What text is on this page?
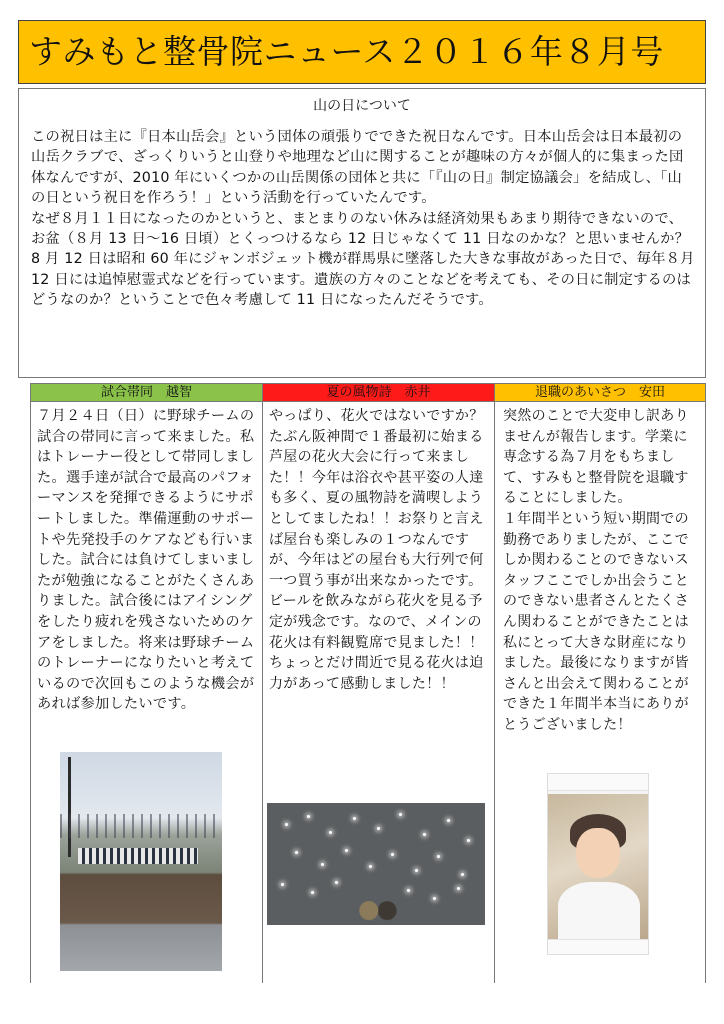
すみもと整骨院ニュース２０１６年８月号
山の日について

この祝日は主に『日本山岳会』という団体の頑張りでできた祝日なんです。日本山岳会は日本最初の山岳クラブで、ざっくりいうと山登りや地理など山に関することが趣味の方々が個人的に集まった団体なんですが、2010 年にいくつかの山岳関係の団体と共に「『山の日』制定協議会」を結成し、「山の日という祝日を作ろう！」という活動を行っていたんです。

なぜ８月１１日になったのかというと、まとまりのない休みは経済効果もあまり期待できないので、お盆（８月 13 日〜16 日頃）とくっつけるなら 12 日じゃなくて 11 日なのかな？と思いませんか？8 月 12 日は昭和 60 年にジャンボジェット機が群馬県に墜落した大きな事故があった日で、毎年８月 12 日には追悼慰霊式などを行っています。遺族の方々のことなどを考えても、その日に制定するのはどうなのか？ということで色々考慮して 11 日になったんだそうです。

試合帯同　越智

７月２４日（日）に野球チームの試合の帯同に言って来ました。私はトレーナー役として帯同しました。選手達が試合で最高のパフォーマンスを発揮できるようにサポートしました。準備運動のサポートや先発投手のケアなども行いました。試合には負けてしまいましたが勉強になることがたくさんありました。試合後にはアイシングをしたり疲れを残さないためのケアをしました。将来は野球チームのトレーナーになりたいと考えているので次回もこのような機会があれば参加したいです。

夏の風物詩　赤井

やっぱり、花火ではないですか？たぶん阪神間で１番最初に始まる芦屋の花火大会に行って来ました！！今年は浴衣や甚平姿の人達も多く、夏の風物詩を満喫しようとしてましたね！！お祭りと言えば屋台も楽しみの１つなんですが、今年はどの屋台も大行列で何一つ買う事が出来なかったです。ビールを飲みながら花火を見る予定が残念です。なので、メインの花火は有料観覧席で見ました！！ちょっとだけ間近で見る花火は迫力があって感動しました！！

退職のあいさつ　安田

突然のことで大変申し訳ありませんが報告します。学業に専念する為７月をもちまして、すみもと整骨院を退職することにしました。

１年間半という短い期間での勤務でありましたが、ここでしか関わることのできないスタッフここでしか出会うことのできない患者さんとたくさん関わることができたことは私にとって大きな財産になりました。最後になりますが皆さんと出会えて関わることができた１年間半本当にありがとうございました！
